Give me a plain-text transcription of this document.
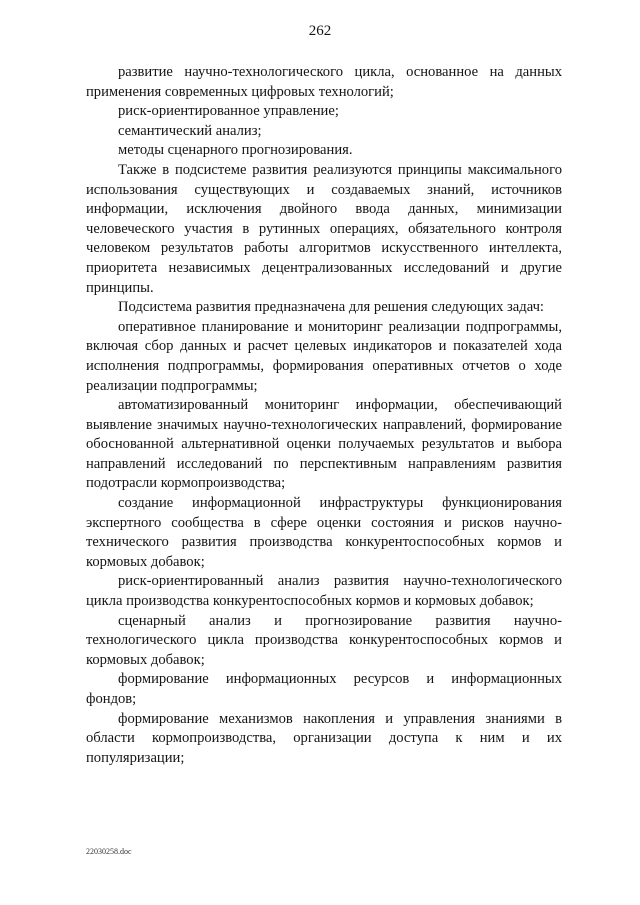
262

развитие научно-технологического цикла, основанное на данных применения современных цифровых технологий;

риск-ориентированное управление;

семантический анализ;

методы сценарного прогнозирования.

Также в подсистеме развития реализуются принципы максимального использования существующих и создаваемых знаний, источников информации, исключения двойного ввода данных, минимизации человеческого участия в рутинных операциях, обязательного контроля человеком результатов работы алгоритмов искусственного интеллекта, приоритета независимых децентрализованных исследований и другие принципы.

Подсистема развития предназначена для решения следующих задач:

оперативное планирование и мониторинг реализации подпрограммы, включая сбор данных и расчет целевых индикаторов и показателей хода исполнения подпрограммы, формирования оперативных отчетов о ходе реализации подпрограммы;

автоматизированный мониторинг информации, обеспечивающий выявление значимых научно-технологических направлений, формирование обоснованной альтернативной оценки получаемых результатов и выбора направлений исследований по перспективным направлениям развития подотрасли кормопроизводства;

создание информационной инфраструктуры функционирования экспертного сообщества в сфере оценки состояния и рисков научно-технического развития производства конкурентоспособных кормов и кормовых добавок;

риск-ориентированный анализ развития научно-технологического цикла производства конкурентоспособных кормов и кормовых добавок;

сценарный анализ и прогнозирование развития научно-технологического цикла производства конкурентоспособных кормов и кормовых добавок;

формирование информационных ресурсов и информационных фондов;

формирование механизмов накопления и управления знаниями в области кормопроизводства, организации доступа к ним и их популяризации;

22030258.doc
